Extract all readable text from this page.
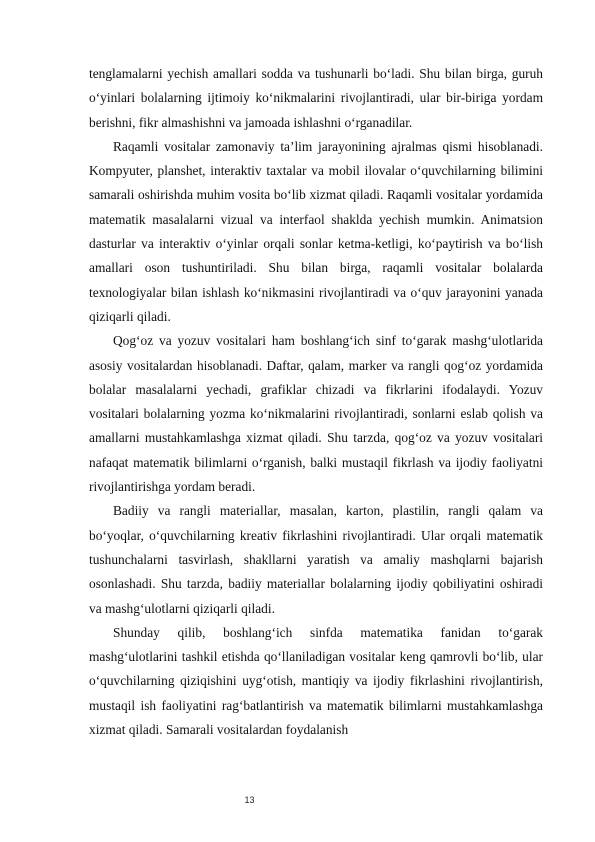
tenglamalarni yechish amallari sodda va tushunarli bo‘ladi. Shu bilan birga, guruh o‘yinlari bolalarning ijtimoiy ko‘nikmalarini rivojlantiradi, ular bir-biriga yordam berishni, fikr almashishni va jamoada ishlashni o‘rganadilar.

Raqamli vositalar zamonaviy ta’lim jarayonining ajralmas qismi hisoblanadi. Kompyuter, planshet, interaktiv taxtalar va mobil ilovalar o‘quvchilarning bilimini samarali oshirishda muhim vosita bo‘lib xizmat qiladi. Raqamli vositalar yordamida matematik masalalarni vizual va interfaol shaklda yechish mumkin. Animatsion dasturlar va interaktiv o‘yinlar orqali sonlar ketma-ketligi, ko‘paytirish va bo‘lish amallari oson tushuntiriladi. Shu bilan birga, raqamli vositalar bolalarda texnologiyalar bilan ishlash ko‘nikmasini rivojlantiradi va o‘quv jarayonini yanada qiziqarli qiladi.

Qog‘oz va yozuv vositalari ham boshlang‘ich sinf to‘garak mashg‘ulotlarida asosiy vositalardan hisoblanadi. Daftar, qalam, marker va rangli qog‘oz yordamida bolalar masalalarni yechadi, grafiklar chizadi va fikrlarini ifodalaydi. Yozuv vositalari bolalarning yozma ko‘nikmalarini rivojlantiradi, sonlarni eslab qolish va amallarni mustahkamlashga xizmat qiladi. Shu tarzda, qog‘oz va yozuv vositalari nafaqat matematik bilimlarni o‘rganish, balki mustaqil fikrlash va ijodiy faoliyatni rivojlantirishga yordam beradi.

Badiiy va rangli materiallar, masalan, karton, plastilin, rangli qalam va bo‘yoqlar, o‘quvchilarning kreativ fikrlashini rivojlantiradi. Ular orqali matematik tushunchalarni tasvirlash, shakllarni yaratish va amaliy mashqlarni bajarish osonlashadi. Shu tarzda, badiiy materiallar bolalarning ijodiy qobiliyatini oshiradi va mashg‘ulotlarni qiziqarli qiladi.

Shunday qilib, boshlang‘ich sinfda matematika fanidan to‘garak mashg‘ulotlarini tashkil etishda qo‘llaniladigan vositalar keng qamrovli bo‘lib, ular o‘quvchilarning qiziqishini uyg‘otish, mantiqiy va ijodiy fikrlashini rivojlantirish, mustaqil ish faoliyatini rag‘batlantirish va matematik bilimlarni mustahkamlashga xizmat qiladi. Samarali vositalardan foydalanish

13
